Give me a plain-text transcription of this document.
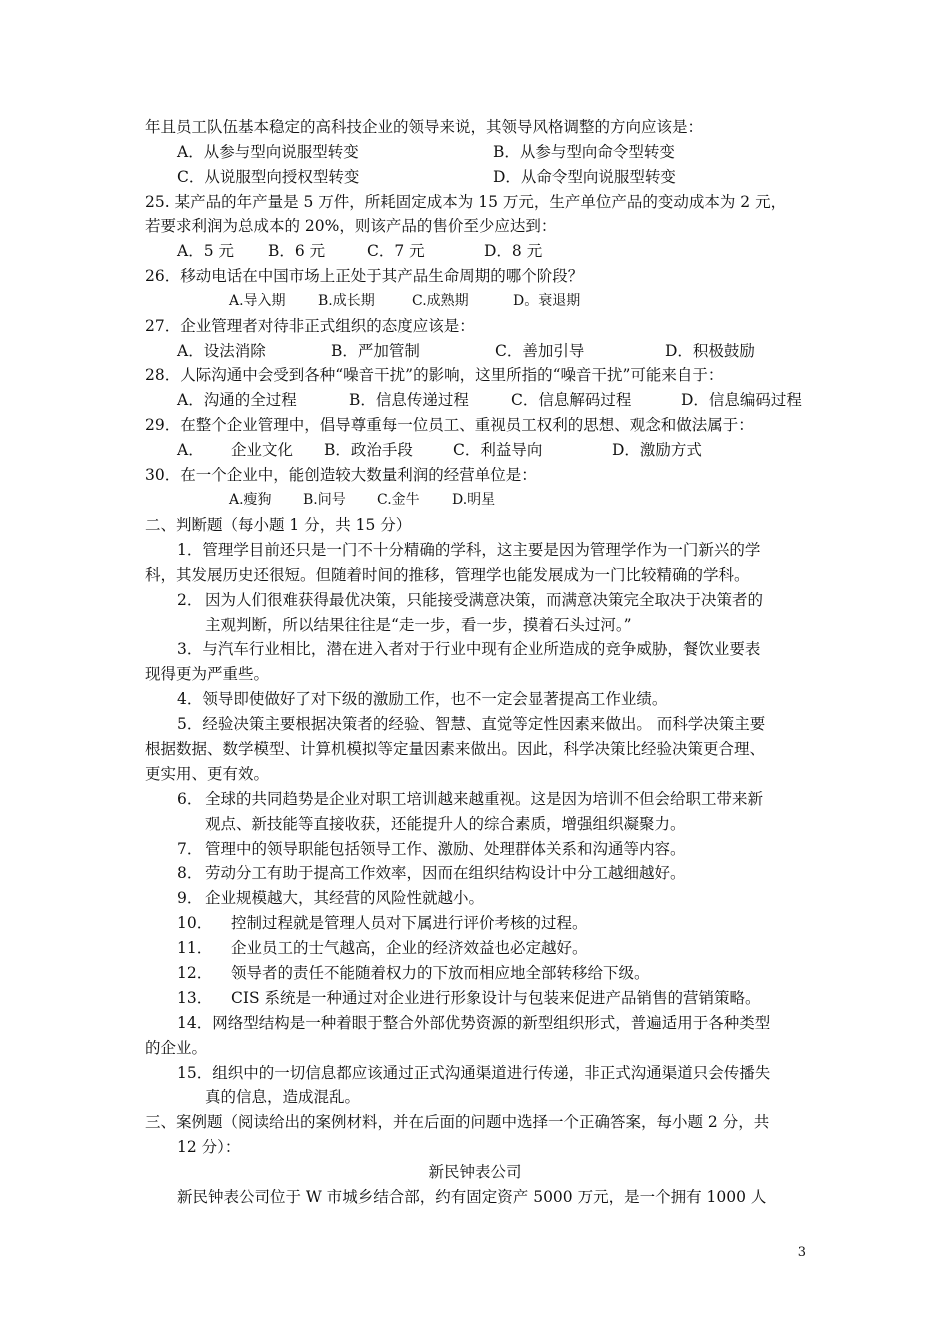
年且员工队伍基本稳定的高科技企业的领导来说，其领导风格调整的方向应该是：
A．从参与型向说服型转变	B．从参与型向命令型转变
C．从说服型向授权型转变	D．从命令型向说服型转变
25. 某产品的年产量是 5 万件，所耗固定成本为 15 万元，生产单位产品的变动成本为 2 元，
若要求利润为总成本的 20%，则该产品的售价至少应达到：
A．5 元 B．6 元	C．7 元	D．8 元
26．移动电话在中国市场上正处于其产品生命周期的哪个阶段？
A.导入期 B.成长期	C.成熟期	D。衰退期
27．企业管理者对待非正式组织的态度应该是：
A．设法消除	B．严加管制	C．善加引导	D．积极鼓励
28．人际沟通中会受到各种“噪音干扰”的影响，这里所指的“噪音干扰”可能来自于：
A．沟通的全过程	B．信息传递过程	C．信息解码过程	D．信息编码过程
29．在整个企业管理中，倡导尊重每一位员工、重视员工权利的思想、观念和做法属于：
A． 企业文化 B．政治手段	C．利益导向	D．激励方式
30．在一个企业中，能创造较大数量利润的经营单位是：
A.瘦狗 B.问号 C.金牛 D.明星
二、判断题（每小题 1 分，共 15 分）
1．管理学目前还只是一门不十分精确的学科，这主要是因为管理学作为一门新兴的学
科，其发展历史还很短。但随着时间的推移，管理学也能发展成为一门比较精确的学科。
2． 因为人们很难获得最优决策，只能接受满意决策，而满意决策完全取决于决策者的
主观判断，所以结果往往是“走一步，看一步，摸着石头过河。”
3．与汽车行业相比，潜在进入者对于行业中现有企业所造成的竞争威胁，餐饮业要表
现得更为严重些。
4．领导即使做好了对下级的激励工作，也不一定会显著提高工作业绩。
5．经验决策主要根据决策者的经验、智慧、直觉等定性因素来做出。 而科学决策主要
根据数据、数学模型、计算机模拟等定量因素来做出。因此，科学决策比经验决策更合理、
更实用、更有效。
6． 全球的共同趋势是企业对职工培训越来越重视。这是因为培训不但会给职工带来新
观点、新技能等直接收获，还能提升人的综合素质，增强组织凝聚力。
7． 管理中的领导职能包括领导工作、激励、处理群体关系和沟通等内容。
8． 劳动分工有助于提高工作效率，因而在组织结构设计中分工越细越好。
9． 企业规模越大，其经营的风险性就越小。
10． 控制过程就是管理人员对下属进行评价考核的过程。
11． 企业员工的士气越高，企业的经济效益也必定越好。
12． 领导者的责任不能随着权力的下放而相应地全部转移给下级。
13． CIS 系统是一种通过对企业进行形象设计与包装来促进产品销售的营销策略。
14．网络型结构是一种着眼于整合外部优势资源的新型组织形式，普遍适用于各种类型
的企业。
15．组织中的一切信息都应该通过正式沟通渠道进行传递，非正式沟通渠道只会传播失
真的信息，造成混乱。
三、案例题（阅读给出的案例材料，并在后面的问题中选择一个正确答案，每小题 2 分，共
12 分）：
新民钟表公司
新民钟表公司位于 W 市城乡结合部，约有固定资产 5000 万元，是一个拥有 1000 人
3
